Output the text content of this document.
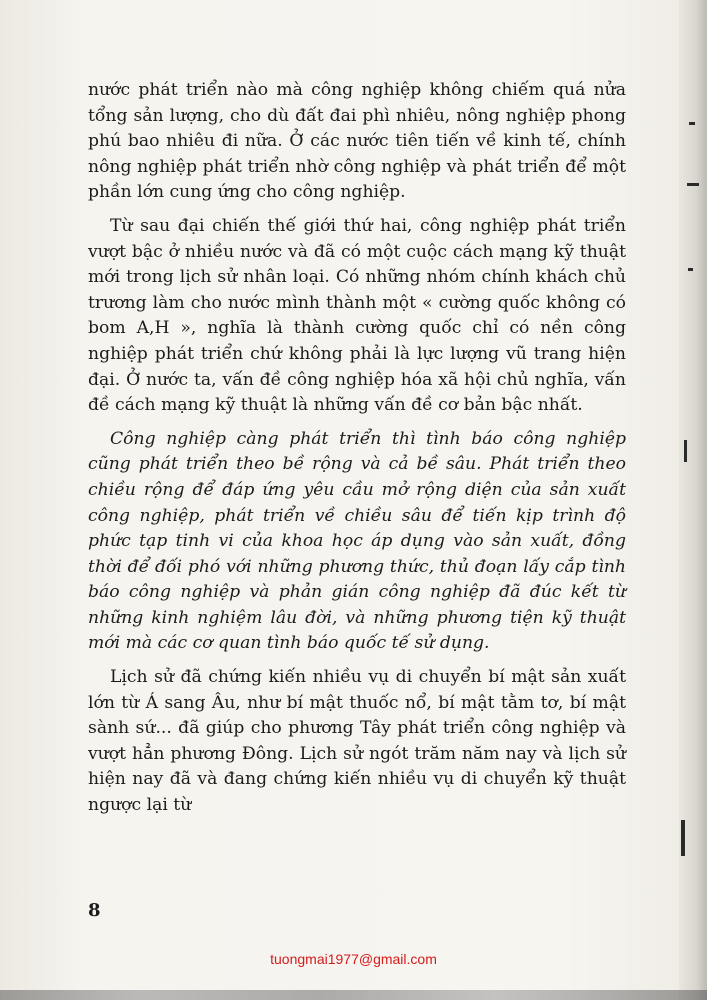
nước phát triển nào mà công nghiệp không chiếm quá nửa tổng sản lượng, cho dù đất đai phì nhiêu, nông nghiệp phong phú bao nhiêu đi nữa. Ở các nước tiên tiến về kinh tế, chính nông nghiệp phát triển nhờ công nghiệp và phát triển để một phần lớn cung ứng cho công nghiệp.

Từ sau đại chiến thế giới thứ hai, công nghiệp phát triển vượt bậc ở nhiều nước và đã có một cuộc cách mạng kỹ thuật mới trong lịch sử nhân loại. Có những nhóm chính khách chủ trương làm cho nước mình thành một « cường quốc không có bom A,H », nghĩa là thành cường quốc chỉ có nền công nghiệp phát triển chứ không phải là lực lượng vũ trang hiện đại. Ở nước ta, vấn đề công nghiệp hóa xã hội chủ nghĩa, vấn đề cách mạng kỹ thuật là những vấn đề cơ bản bậc nhất.

Công nghiệp càng phát triển thì tình báo công nghiệp cũng phát triển theo bề rộng và cả bề sâu. Phát triển theo chiều rộng để đáp ứng yêu cầu mở rộng diện của sản xuất công nghiệp, phát triển về chiều sâu để tiến kịp trình độ phức tạp tinh vi của khoa học áp dụng vào sản xuất, đồng thời để đối phó với những phương thức, thủ đoạn lấy cắp tình báo công nghiệp và phản gián công nghiệp đã đúc kết từ những kinh nghiệm lâu đời, và những phương tiện kỹ thuật mới mà các cơ quan tình báo quốc tế sử dụng.

Lịch sử đã chứng kiến nhiều vụ di chuyển bí mật sản xuất lớn từ Á sang Âu, như bí mật thuốc nổ, bí mật tằm tơ, bí mật sành sứ... đã giúp cho phương Tây phát triển công nghiệp và vượt hẳn phương Đông. Lịch sử ngót trăm năm nay và lịch sử hiện nay đã và đang chứng kiến nhiều vụ di chuyển kỹ thuật ngược lại từ

8
tuongmai1977@gmail.com
